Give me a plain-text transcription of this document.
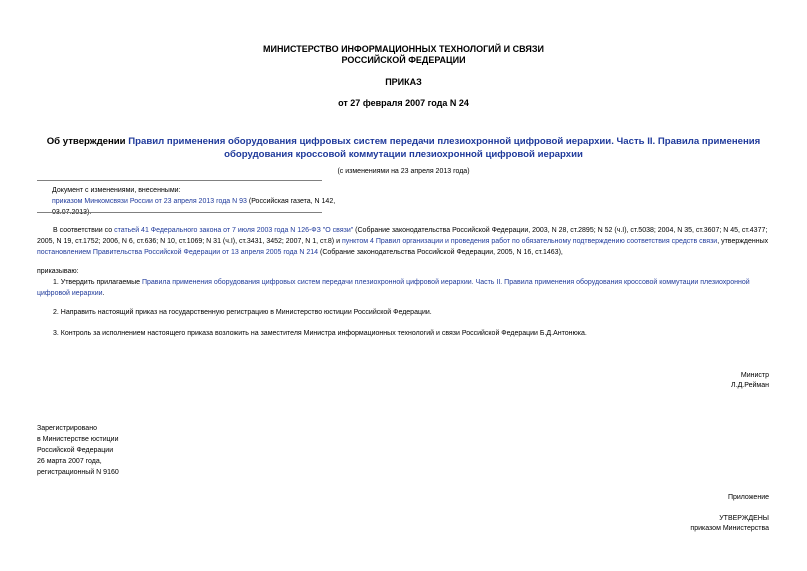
МИНИСТЕРСТВО ИНФОРМАЦИОННЫХ ТЕХНОЛОГИЙ И СВЯЗИ
РОССИЙСКОЙ ФЕДЕРАЦИИ
ПРИКАЗ
от 27 февраля 2007 года N 24
Об утверждении Правил применения оборудования цифровых систем передачи плезиохронной цифровой иерархии. Часть II. Правила применения оборудования кроссовой коммутации плезиохронной цифровой иерархии
(с изменениями на 23 апреля 2013 года)
Документ с изменениями, внесенными:
приказом Минкомсвязи России от 23 апреля 2013 года N 93 (Российская газета, N 142, 03.07.2013).
В соответствии со статьей 41 Федерального закона от 7 июля 2003 года N 126-ФЗ "О связи" (Собрание законодательства Российской Федерации, 2003, N 28, ст.2895; N 52 (ч.I), ст.5038; 2004, N 35, ст.3607; N 45, ст.4377; 2005, N 19, ст.1752; 2006, N 6, ст.636; N 10, ст.1069; N 31 (ч.I), ст.3431, 3452; 2007, N 1, ст.8) и пунктом 4 Правил организации и проведения работ по обязательному подтверждению соответствия средств связи, утвержденных постановлением Правительства Российской Федерации от 13 апреля 2005 года N 214 (Собрание законодательства Российской Федерации, 2005, N 16, ст.1463),
приказываю:
1. Утвердить прилагаемые Правила применения оборудования цифровых систем передачи плезиохронной цифровой иерархии. Часть II. Правила применения оборудования кроссовой коммутации плезиохронной цифровой иерархии.
2. Направить настоящий приказ на государственную регистрацию в Министерство юстиции Российской Федерации.
3. Контроль за исполнением настоящего приказа возложить на заместителя Министра информационных технологий и связи Российской Федерации Б.Д.Антонюка.
Министр
Л.Д.Рейман
Зарегистрировано
в Министерстве юстиции
Российской Федерации
26 марта 2007 года,
регистрационный N 9160
Приложение
УТВЕРЖДЕНЫ
приказом Министерства
